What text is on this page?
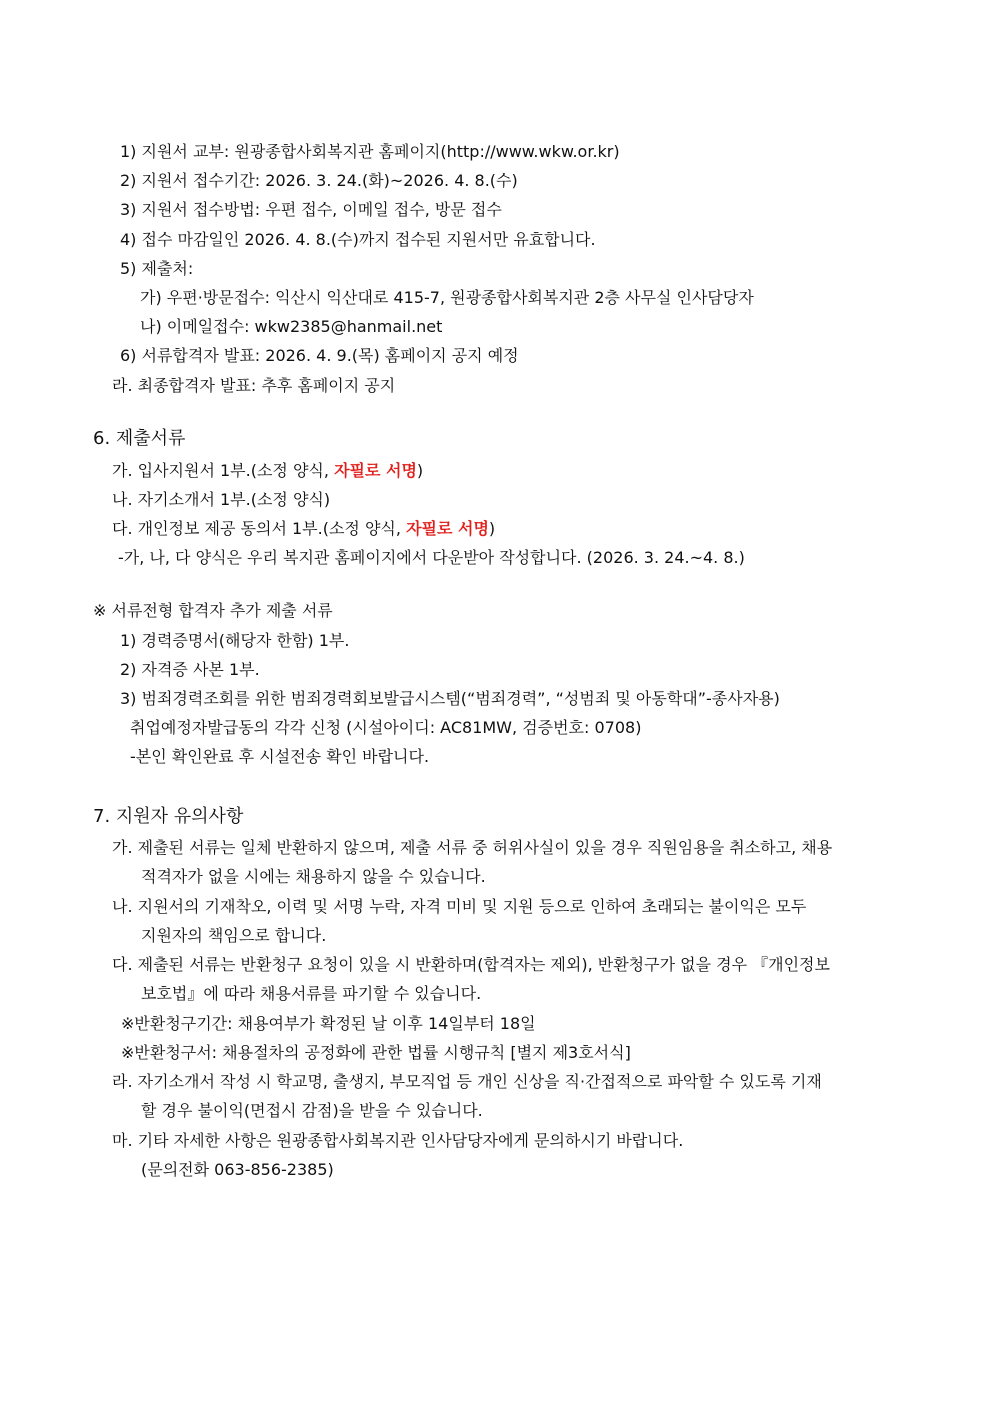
1) 지원서 교부: 원광종합사회복지관 홈페이지(http://www.wkw.or.kr)
2) 지원서 접수기간: 2026. 3. 24.(화)~2026. 4. 8.(수)
3) 지원서 접수방법: 우편 접수, 이메일 접수, 방문 접수
4) 접수 마감일인 2026. 4. 8.(수)까지 접수된 지원서만 유효합니다.
5) 제출처:
가) 우편·방문접수: 익산시 익산대로 415-7, 원광종합사회복지관 2층 사무실 인사담당자
나) 이메일접수: wkw2385@hanmail.net
6) 서류합격자 발표: 2026. 4. 9.(목) 홈페이지 공지 예정
라. 최종합격자 발표: 추후 홈페이지 공지
6. 제출서류
가. 입사지원서 1부.(소정 양식, 자필로 서명)
나. 자기소개서 1부.(소정 양식)
다. 개인정보 제공 동의서 1부.(소정 양식, 자필로 서명)
-가, 나, 다 양식은 우리 복지관 홈페이지에서 다운받아 작성합니다. (2026. 3. 24.~4. 8.)
※ 서류전형 합격자 추가 제출 서류
1) 경력증명서(해당자 한함) 1부.
2) 자격증 사본 1부.
3) 범죄경력조회를 위한 범죄경력회보발급시스템(“범죄경력”, “성범죄 및 아동학대”-종사자용)
취업예정자발급동의 각각 신청 (시설아이디: AC81MW, 검증번호: 0708)
-본인 확인완료 후 시설전송 확인 바랍니다.
7. 지원자 유의사항
가. 제출된 서류는 일체 반환하지 않으며, 제출 서류 중 허위사실이 있을 경우 직원임용을 취소하고, 채용
적격자가 없을 시에는 채용하지 않을 수 있습니다.
나. 지원서의 기재착오, 이력 및 서명 누락, 자격 미비 및 지원 등으로 인하여 초래되는 불이익은 모두
지원자의 책임으로 합니다.
다. 제출된 서류는 반환청구 요청이 있을 시 반환하며(합격자는 제외), 반환청구가 없을 경우 『개인정보
보호법』에 따라 채용서류를 파기할 수 있습니다.
※반환청구기간: 채용여부가 확정된 날 이후 14일부터 18일
※반환청구서: 채용절차의 공정화에 관한 법률 시행규칙 [별지 제3호서식]
라. 자기소개서 작성 시 학교명, 출생지, 부모직업 등 개인 신상을 직·간접적으로 파악할 수 있도록 기재
할 경우 불이익(면접시 감점)을 받을 수 있습니다.
마. 기타 자세한 사항은 원광종합사회복지관 인사담당자에게 문의하시기 바랍니다.
(문의전화 063-856-2385)
